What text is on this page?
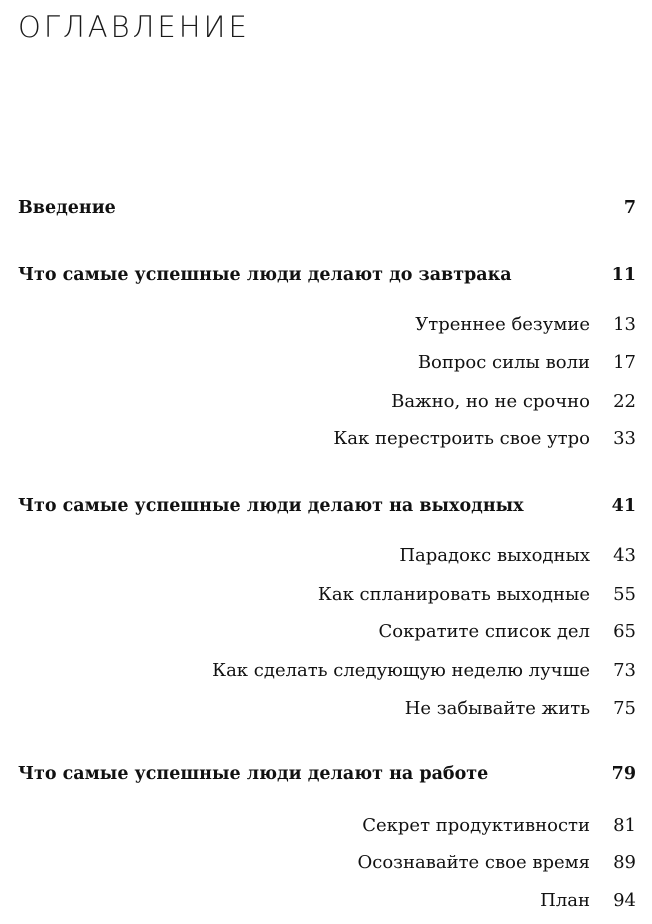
ОГЛАВЛЕНИЕ
Введение	7
Что самые успешные люди делают до завтрака	11
Утреннее безумие	13
Вопрос силы воли	17
Важно, но не срочно	22
Как перестроить свое утро	33
Что самые успешные люди делают на выходных	41
Парадокс выходных	43
Как спланировать выходные	55
Сократите список дел	65
Как сделать следующую неделю лучше	73
Не забывайте жить	75
Что самые успешные люди делают на работе	79
Секрет продуктивности	81
Осознавайте свое время	89
План	94
